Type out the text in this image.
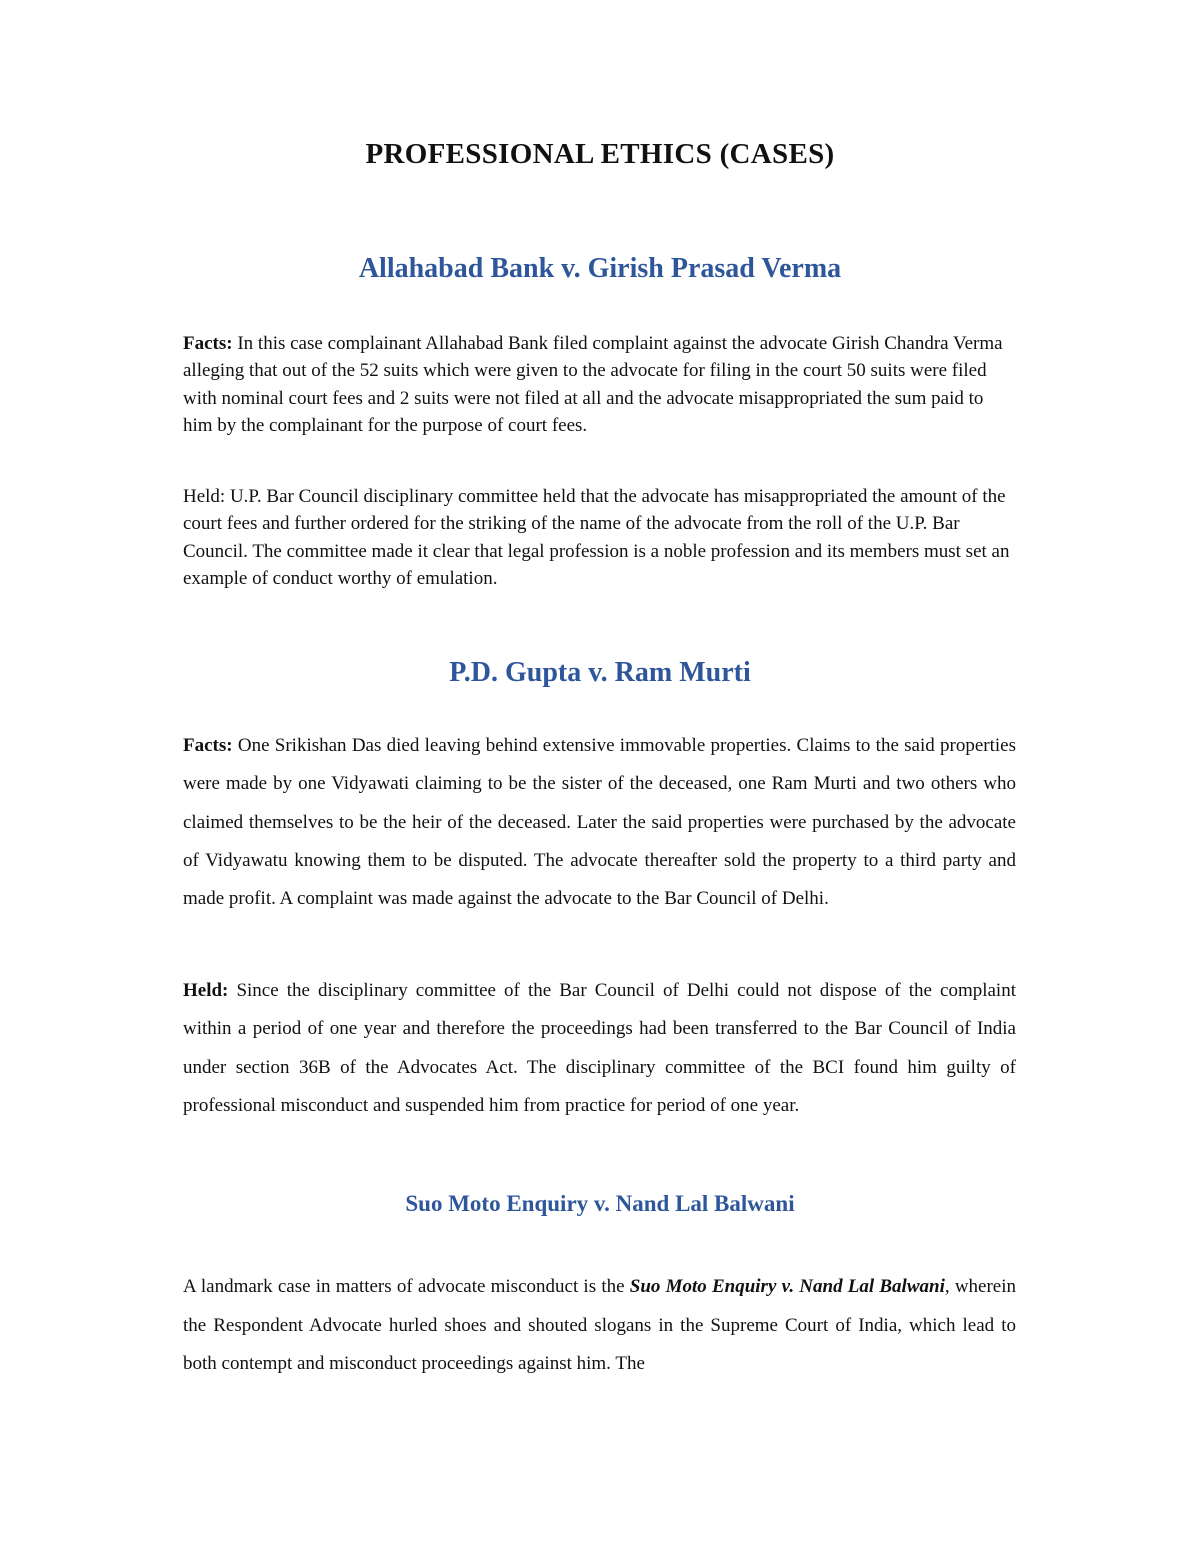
PROFESSIONAL ETHICS (CASES)
Allahabad Bank v. Girish Prasad Verma

Facts: In this case complainant Allahabad Bank filed complaint against the advocate Girish Chandra Verma alleging that out of the 52 suits which were given to the advocate for filing in the court 50 suits were filed with nominal court fees and 2 suits were not filed at all and the advocate misappropriated the sum paid to him by the complainant for the purpose of court fees.

Held: U.P. Bar Council disciplinary committee held that the advocate has misappropriated the amount of the court fees and further ordered for the striking of the name of the advocate from the roll of the U.P. Bar Council. The committee made it clear that legal profession is a noble profession and its members must set an example of conduct worthy of emulation.

P.D. Gupta v. Ram Murti

Facts: One Srikishan Das died leaving behind extensive immovable properties. Claims to the said properties were made by one Vidyawati claiming to be the sister of the deceased, one Ram Murti and two others who claimed themselves to be the heir of the deceased. Later the said properties were purchased by the advocate of Vidyawatu knowing them to be disputed. The advocate thereafter sold the property to a third party and made profit. A complaint was made against the advocate to the Bar Council of Delhi.

Held: Since the disciplinary committee of the Bar Council of Delhi could not dispose of the complaint within a period of one year and therefore the proceedings had been transferred to the Bar Council of India under section 36B of the Advocates Act. The disciplinary committee of the BCI found him guilty of professional misconduct and suspended him from practice for period of one year.

Suo Moto Enquiry v. Nand Lal Balwani

A landmark case in matters of advocate misconduct is the Suo Moto Enquiry v. Nand Lal Balwani, wherein the Respondent Advocate hurled shoes and shouted slogans in the Supreme Court of India, which lead to both contempt and misconduct proceedings against him. The
